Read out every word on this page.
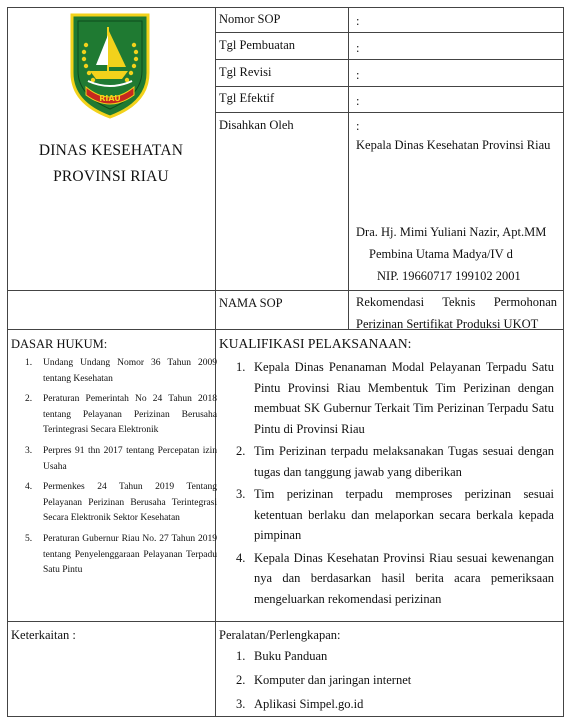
RIAU
DINAS KESEHATAN
PROVINSI RIAU
Nomor SOP	:
Tgl Pembuatan	:
Tgl Revisi	:
Tgl Efektif	:
Disahkan Oleh	:
Kepala Dinas Kesehatan Provinsi Riau
Dra. Hj. Mimi Yuliani Nazir, Apt.MM
Pembina Utama Madya/IV d
NIP. 19660717 199102 2001
NAMA SOP	Rekomendasi Teknis Permohonan
Perizinan Sertifikat Produksi UKOT
DASAR HUKUM:
1. Undang Undang Nomor 36 Tahun 2009 tentang Kesehatan
2. Peraturan Pemerintah No 24 Tahun 2018 tentang Pelayanan Perizinan Berusaha Terintegrasi Secara Elektronik
3. Perpres 91 thn 2017 tentang Percepatan izin Usaha
4. Permenkes 24 Tahun 2019 Tentang Pelayanan Perizinan Berusaha Terintegrasi Secara Elektronik Sektor Kesehatan
5. Peraturan Gubernur Riau No. 27 Tahun 2019 tentang Penyelenggaraan Pelayanan Terpadu Satu Pintu
KUALIFIKASI PELAKSANAAN:
1. Kepala Dinas Penanaman Modal Pelayanan Terpadu Satu Pintu Provinsi Riau Membentuk Tim Perizinan dengan membuat SK Gubernur Terkait Tim Perizinan Terpadu Satu Pintu di Provinsi Riau
2. Tim Perizinan terpadu melaksanakan Tugas sesuai dengan tugas dan tanggung jawab yang diberikan
3. Tim perizinan terpadu memproses perizinan sesuai ketentuan berlaku dan melaporkan secara berkala kepada pimpinan
4. Kepala Dinas Kesehatan Provinsi Riau sesuai kewenangan nya dan berdasarkan hasil berita acara pemeriksaan mengeluarkan rekomendasi perizinan
Keterkaitan :	Peralatan/Perlengkapan:
1. Buku Panduan
2. Komputer dan jaringan internet
3. Aplikasi Simpel.go.id
